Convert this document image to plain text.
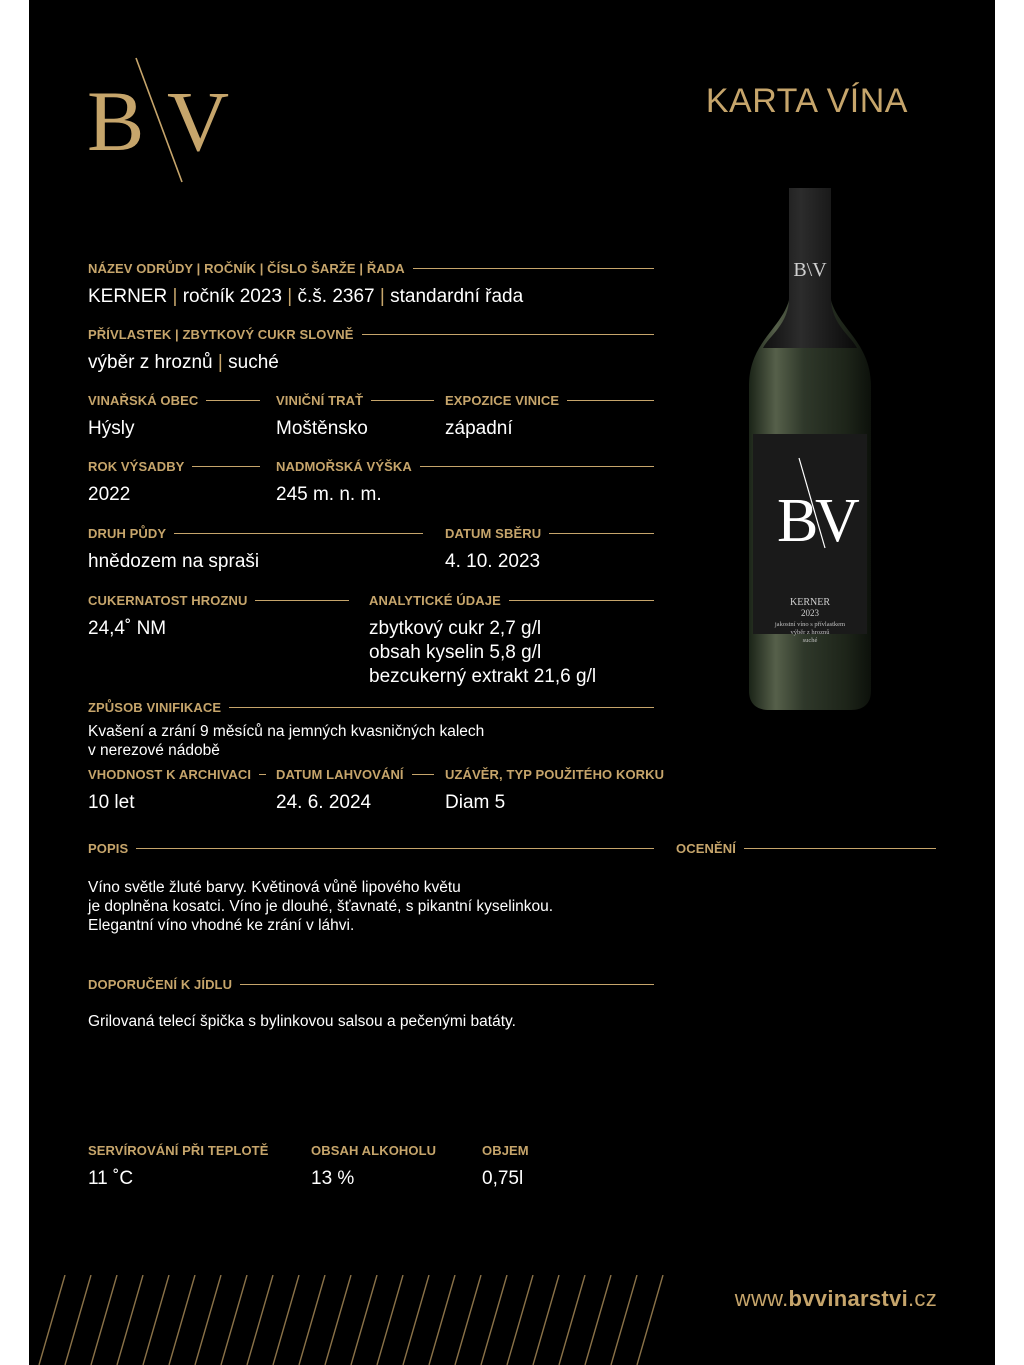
B V	KARTA VÍNA
NÁZEV ODRŮDY | ROČNÍK | ČÍSLO ŠARŽE | ŘADA
KERNER | ročník 2023 | č.š. 2367 | standardní řada
PŘÍVLASTEK | ZBYTKOVÝ CUKR SLOVNĚ
výběr z hroznů | suché
VINAŘSKÁ OBEC
Hýsly
VINIČNÍ TRAŤ
Moštěnsko
EXPOZICE VINICE
západní
ROK VÝSADBY
2022
NADMOŘSKÁ VÝŠKA
245 m. n. m.
DRUH PŮDY
hnědozem na spraši
DATUM SBĚRU
4. 10. 2023
CUKERNATOST HROZNU
24,4˚ NM
ANALYTICKÉ ÚDAJE
zbytkový cukr 2,7 g/l
obsah kyselin 5,8 g/l
bezcukerný extrakt 21,6 g/l
ZPŮSOB VINIFIKACE
Kvašení a zrání 9 měsíců na jemných kvasničných kalech
v nerezové nádobě
VHODNOST K ARCHIVACI
10 let
DATUM LAHVOVÁNÍ
24. 6. 2024
UZÁVĚR, TYP POUŽITÉHO KORKU
Diam 5
POPIS
Víno světle žluté barvy. Květinová vůně lipového květu
je doplněna kosatci. Víno je dlouhé, šťavnaté, s pikantní kyselinkou.
Elegantní víno vhodné ke zrání v láhvi.
OCENĚNÍ
DOPORUČENÍ K JÍDLU
Grilovaná telecí špička s bylinkovou salsou a pečenými batáty.
SERVÍROVÁNÍ PŘI TEPLOTĚ
11 ˚C
OBSAH ALKOHOLU
13 %
OBJEM
0,75l
B\V
B
V
KERNER
2023
jakostní víno s přívlastkem
výběr z hroznů
suché
www.bvvinarstvi.cz
